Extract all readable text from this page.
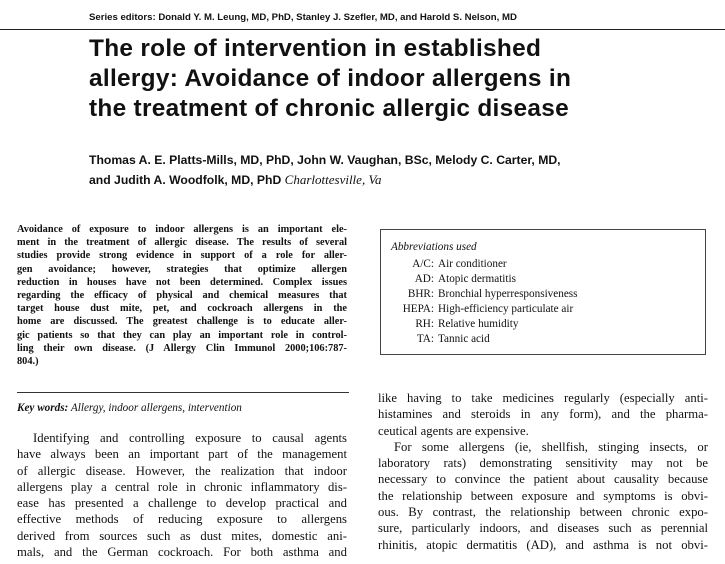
Series editors: Donald Y. M. Leung, MD, PhD, Stanley J. Szefler, MD, and Harold S. Nelson, MD
The role of intervention in established
allergy: Avoidance of indoor allergens in
the treatment of chronic allergic disease
Thomas A. E. Platts-Mills, MD, PhD, John W. Vaughan, BSc, Melody C. Carter, MD,
and Judith A. Woodfolk, MD, PhD Charlottesville, Va
Avoidance of exposure to indoor allergens is an important ele-
ment in the treatment of allergic disease. The results of several
studies provide strong evidence in support of a role for aller-
gen avoidance; however, strategies that optimize allergen
reduction in houses have not been determined. Complex issues
regarding the efficacy of physical and chemical measures that
target house dust mite, pet, and cockroach allergens in the
home are discussed. The greatest challenge is to educate aller-
gic patients so that they can play an important role in control-
ling their own disease. (J Allergy Clin Immunol 2000;106:787-
804.)
Key words: Allergy, indoor allergens, intervention
Abbreviations used
A/C: Air conditioner
AD: Atopic dermatitis
BHR: Bronchial hyperresponsiveness
HEPA: High-efficiency particulate air
RH: Relative humidity
TA: Tannic acid
Identifying and controlling exposure to causal agents
have always been an important part of the management
of allergic disease. However, the realization that indoor
allergens play a central role in chronic inflammatory dis-
ease has presented a challenge to develop practical and
effective methods of reducing exposure to allergens
derived from sources such as dust mites, domestic ani-
mals, and the German cockroach. For both asthma and
like having to take medicines regularly (especially anti-
histamines and steroids in any form), and the pharma-
ceutical agents are expensive.
For some allergens (ie, shellfish, stinging insects, or
laboratory rats) demonstrating sensitivity may not be
necessary to convince the patient about causality because
the relationship between exposure and symptoms is obvi-
ous. By contrast, the relationship between chronic expo-
sure, particularly indoors, and diseases such as perennial
rhinitis, atopic dermatitis (AD), and asthma is not obvi-
